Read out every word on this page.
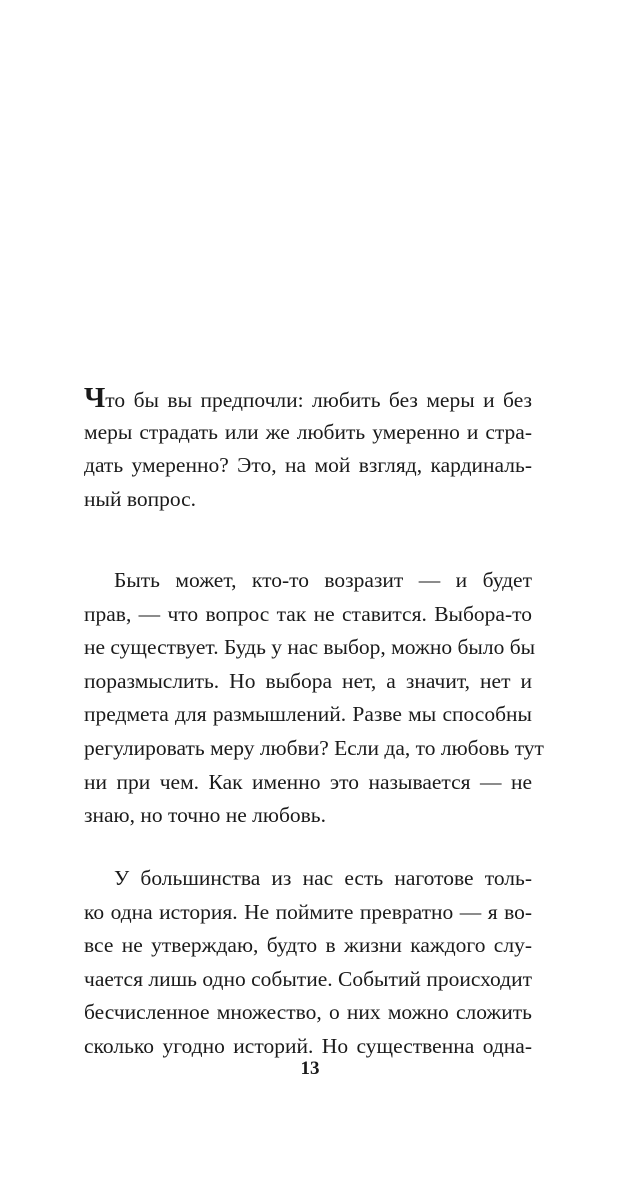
Что бы вы предпочли: любить без меры и без
меры страдать или же любить умеренно и стра-
дать умеренно? Это, на мой взгляд, кардиналь-
ный вопрос.
Быть может, кто-то возразит — и будет
прав, — что вопрос так не ставится. Выбора-то
не существует. Будь у нас выбор, можно было бы
поразмыслить. Но выбора нет, а значит, нет и
предмета для размышлений. Разве мы способны
регулировать меру любви? Если да, то любовь тут
ни при чем. Как именно это называется — не
знаю, но точно не любовь.
У большинства из нас есть наготове толь-
ко одна история. Не поймите превратно — я во-
все не утверждаю, будто в жизни каждого слу-
чается лишь одно событие. Событий происходит
бесчисленное множество, о них можно сложить
сколько угодно историй. Но существенна одна-
13
